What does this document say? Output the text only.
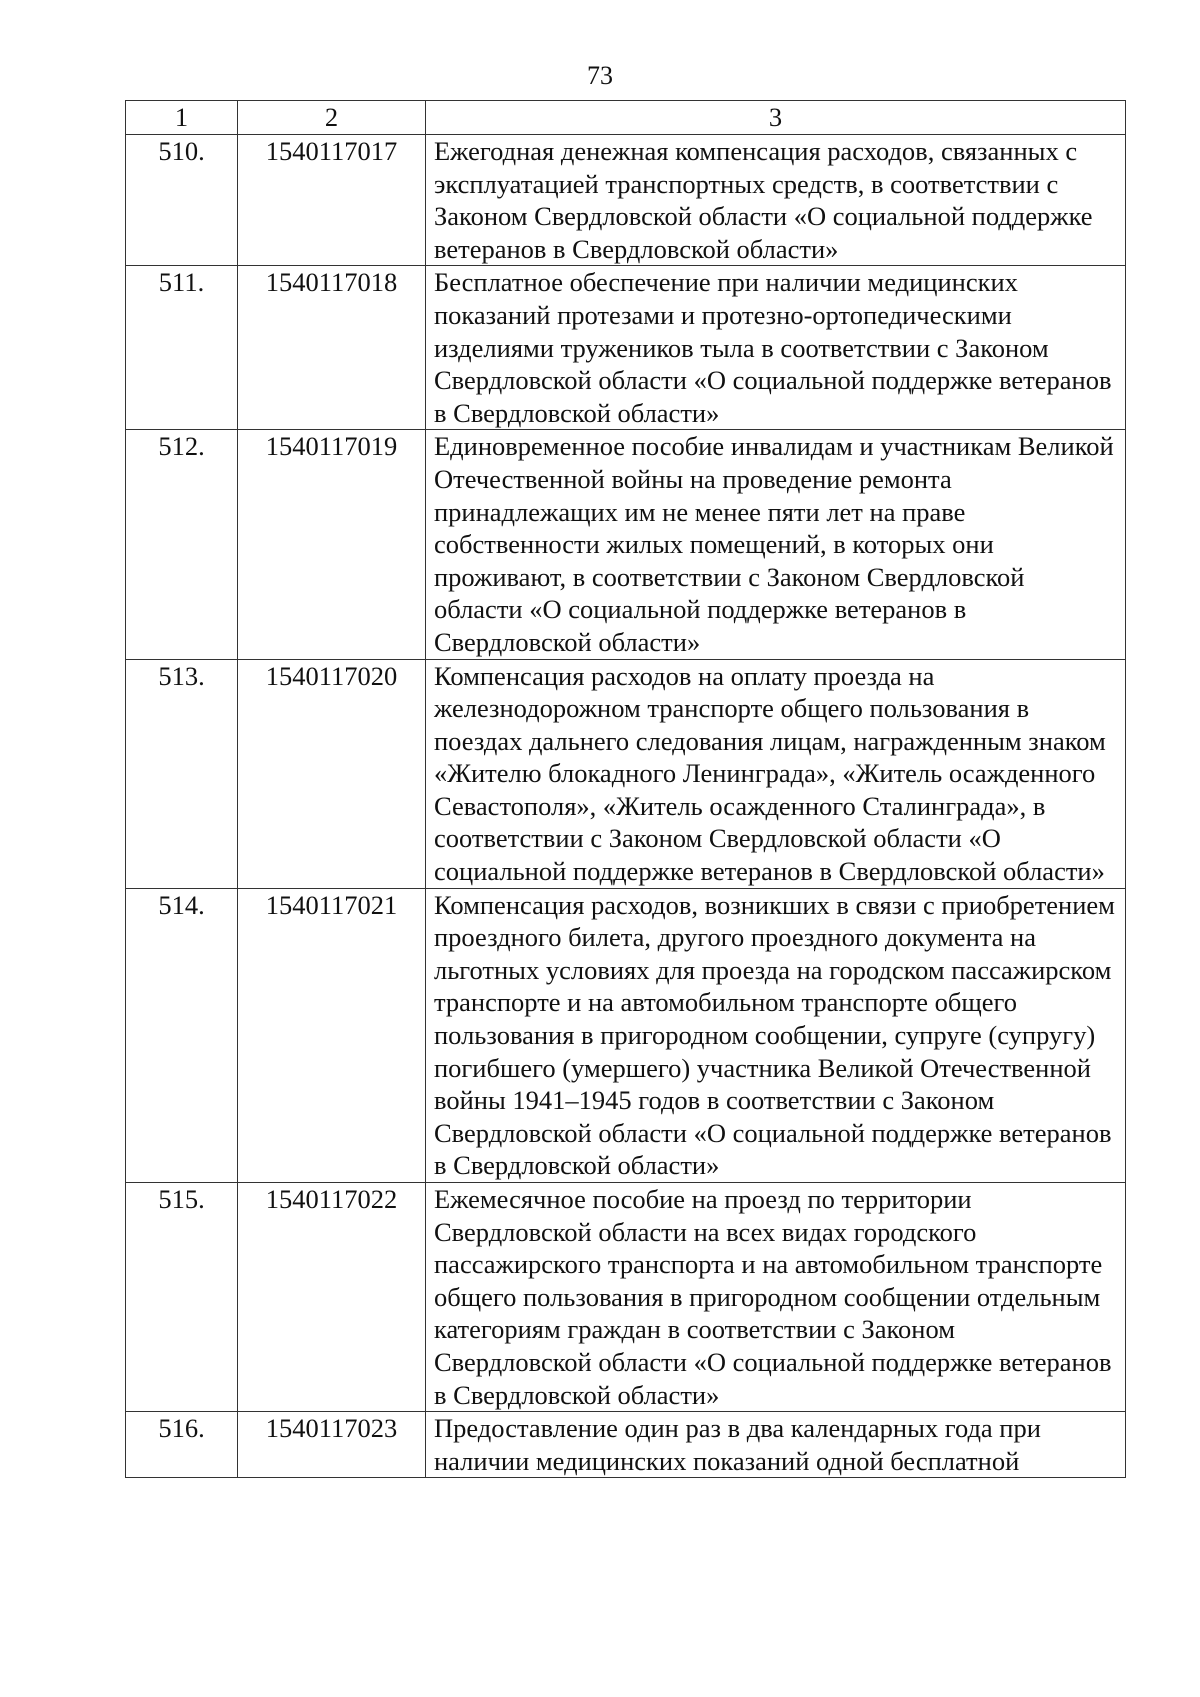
73
1	2	3
510.	1540117017	Ежегодная денежная компенсация расходов, связанных с эксплуатацией транспортных средств, в соответствии с Законом Свердловской области «О социальной поддержке ветеранов в Свердловской области»
511.	1540117018	Бесплатное обеспечение при наличии медицинских показаний протезами и протезно-ортопедическими изделиями тружеников тыла в соответствии с Законом Свердловской области «О социальной поддержке ветеранов в Свердловской области»
512.	1540117019	Единовременное пособие инвалидам и участникам Великой Отечественной войны на проведение ремонта принадлежащих им не менее пяти лет на праве собственности жилых помещений, в которых они проживают, в соответствии с Законом Свердловской области «О социальной поддержке ветеранов в Свердловской области»
513.	1540117020	Компенсация расходов на оплату проезда на железнодорожном транспорте общего пользования в поездах дальнего следования лицам, награжденным знаком «Жителю блокадного Ленинграда», «Житель осажденного Севастополя», «Житель осажденного Сталинграда», в соответствии с Законом Свердловской области «О социальной поддержке ветеранов в Свердловской области»
514.	1540117021	Компенсация расходов, возникших в связи с приобретением проездного билета, другого проездного документа на льготных условиях для проезда на городском пассажирском транспорте и на автомобильном транспорте общего пользования в пригородном сообщении, супруге (супругу) погибшего (умершего) участника Великой Отечественной войны 1941–1945 годов в соответствии с Законом Свердловской области «О социальной поддержке ветеранов в Свердловской области»
515.	1540117022	Ежемесячное пособие на проезд по территории Свердловской области на всех видах городского пассажирского транспорта и на автомобильном транспорте общего пользования в пригородном сообщении отдельным категориям граждан в соответствии с Законом Свердловской области «О социальной поддержке ветеранов в Свердловской области»
516.	1540117023	Предоставление один раз в два календарных года при наличии медицинских показаний одной бесплатной
